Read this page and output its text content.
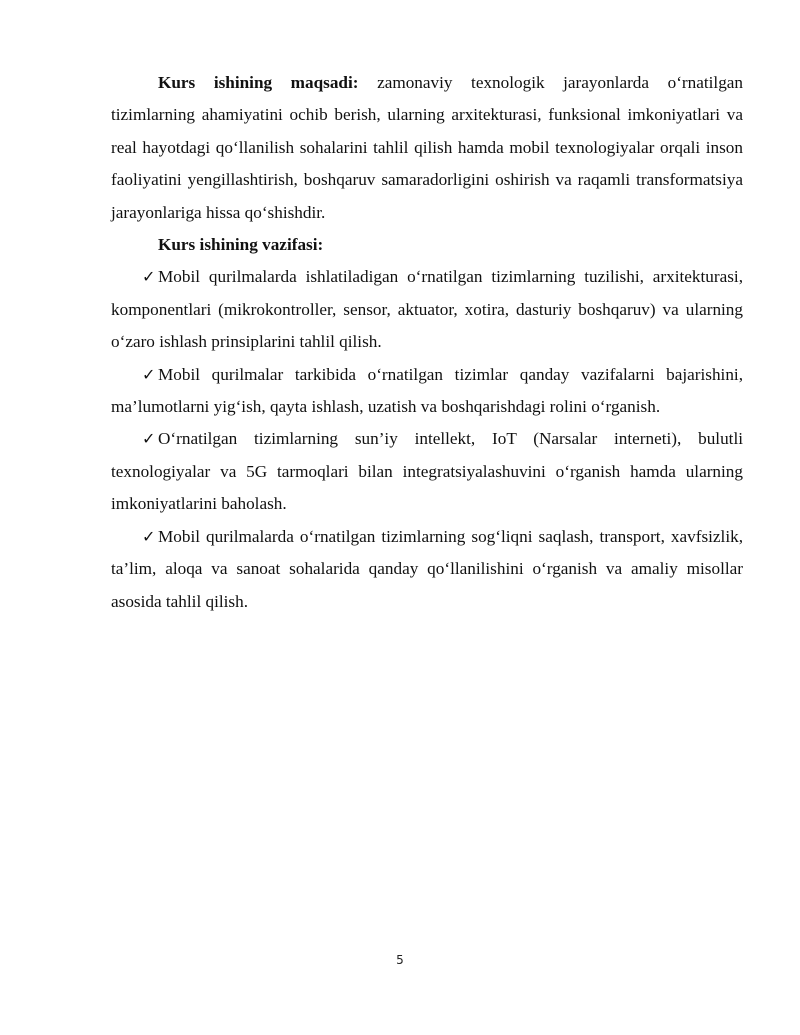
Kurs ishining maqsadi: zamonaviy texnologik jarayonlarda o‘rnatilgan tizimlarning ahamiyatini ochib berish, ularning arxitekturasi, funksional imkoniyatlari va real hayotdagi qo‘llanilish sohalarini tahlil qilish hamda mobil texnologiyalar orqali inson faoliyatini yengillashtirish, boshqaruv samaradorligini oshirish va raqamli transformatsiya jarayonlariga hissa qo‘shishdir.

Kurs ishining vazifasi:

✓ Mobil qurilmalarda ishlatiladigan o‘rnatilgan tizimlarning tuzilishi, arxitekturasi, komponentlari (mikrokontroller, sensor, aktuator, xotira, dasturiy boshqaruv) va ularning o‘zaro ishlash prinsiplarini tahlil qilish.

✓ Mobil qurilmalar tarkibida o‘rnatilgan tizimlar qanday vazifalarni bajarishini, ma’lumotlarni yig‘ish, qayta ishlash, uzatish va boshqarishdagi rolini o‘rganish.

✓ O‘rnatilgan tizimlarning sun’iy intellekt, IoT (Narsalar interneti), bulutli texnologiyalar va 5G tarmoqlari bilan integratsiyalashuvini o‘rganish hamda ularning imkoniyatlarini baholash.

✓ Mobil qurilmalarda o‘rnatilgan tizimlarning sog‘liqni saqlash, transport, xavfsizlik, ta’lim, aloqa va sanoat sohalarida qanday qo‘llanilishini o‘rganish va amaliy misollar asosida tahlil qilish.

5
